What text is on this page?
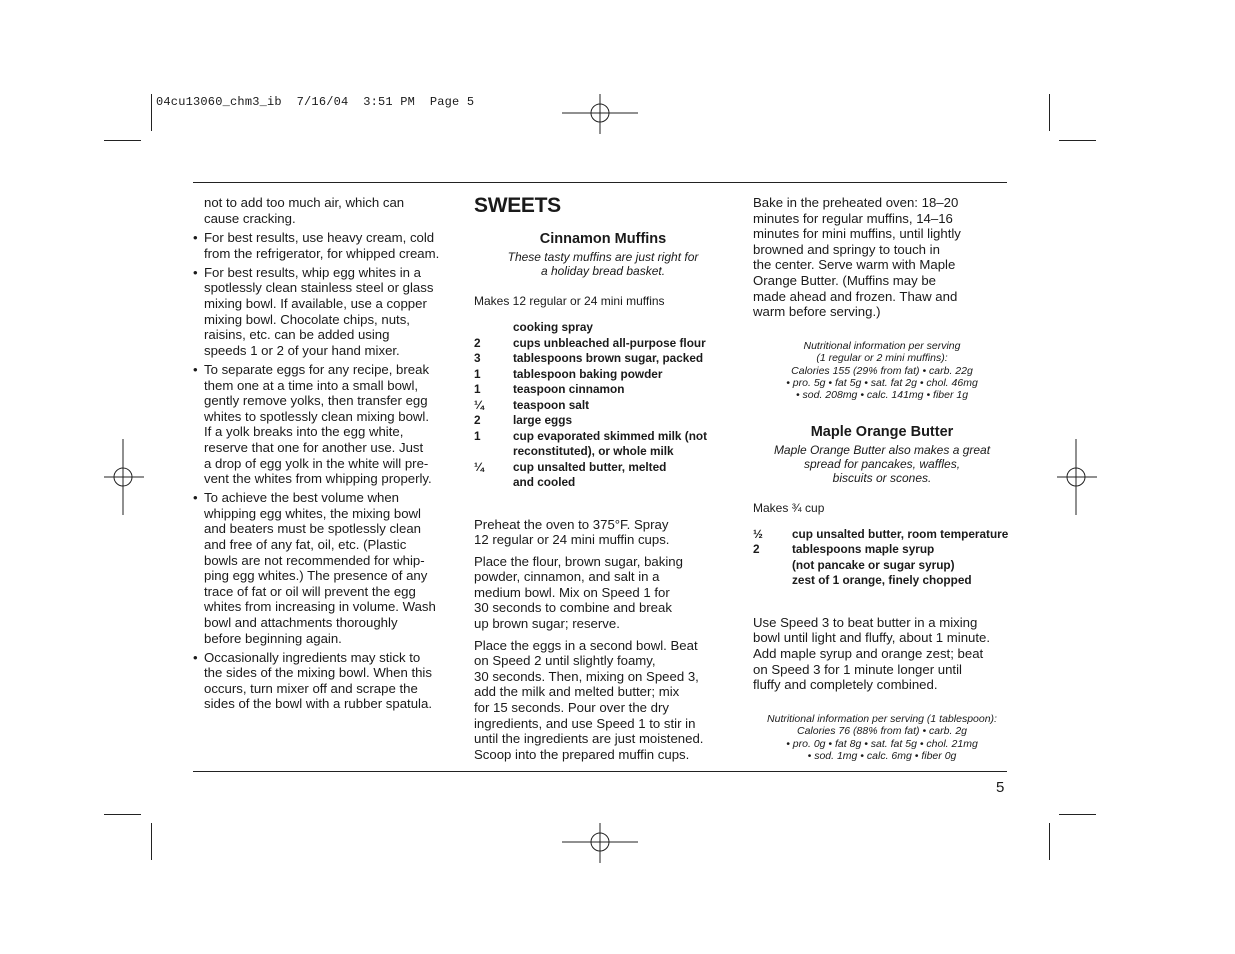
04cu13060_chm3_ib  7/16/04  3:51 PM  Page 5
not to add too much air, which can
cause cracking.
• For best results, use heavy cream, cold
from the refrigerator, for whipped cream.
• For best results, whip egg whites in a
spotlessly clean stainless steel or glass
mixing bowl. If available, use a copper
mixing bowl. Chocolate chips, nuts,
raisins, etc. can be added using
speeds 1 or 2 of your hand mixer.
• To separate eggs for any recipe, break
them one at a time into a small bowl,
gently remove yolks, then transfer egg
whites to spotlessly clean mixing bowl.
If a yolk breaks into the egg white,
reserve that one for another use. Just
a drop of egg yolk in the white will pre-
vent the whites from whipping properly.
• To achieve the best volume when
whipping egg whites, the mixing bowl
and beaters must be spotlessly clean
and free of any fat, oil, etc. (Plastic
bowls are not recommended for whip-
ping egg whites.) The presence of any
trace of fat or oil will prevent the egg
whites from increasing in volume. Wash
bowl and attachments thoroughly
before beginning again.
• Occasionally ingredients may stick to
the sides of the mixing bowl. When this
occurs, turn mixer off and scrape the
sides of the bowl with a rubber spatula.
SWEETS
Cinnamon Muffins
These tasty muffins are just right for
a holiday bread basket.
Makes 12 regular or 24 mini muffins
	cooking spray
2	cups unbleached all-purpose flour
3	tablespoons brown sugar, packed
1	tablespoon baking powder
1	teaspoon cinnamon
¼	teaspoon salt
2	large eggs
1	cup evaporated skimmed milk (not
	reconstituted), or whole milk
¼	cup unsalted butter, melted
	and cooled

Preheat the oven to 375°F. Spray
12 regular or 24 mini muffin cups.

Place the flour, brown sugar, baking
powder, cinnamon, and salt in a
medium bowl. Mix on Speed 1 for
30 seconds to combine and break
up brown sugar; reserve.

Place the eggs in a second bowl. Beat
on Speed 2 until slightly foamy,
30 seconds. Then, mixing on Speed 3,
add the milk and melted butter; mix
for 15 seconds. Pour over the dry
ingredients, and use Speed 1 to stir in
until the ingredients are just moistened.
Scoop into the prepared muffin cups.

Bake in the preheated oven: 18–20
minutes for regular muffins, 14–16
minutes for mini muffins, until lightly
browned and springy to touch in
the center. Serve warm with Maple
Orange Butter. (Muffins may be
made ahead and frozen. Thaw and
warm before serving.)

Nutritional information per serving
(1 regular or 2 mini muffins):
Calories 155 (29% from fat) • carb. 22g
• pro. 5g • fat 5g • sat. fat 2g • chol. 46mg
• sod. 208mg • calc. 141mg • fiber 1g
Maple Orange Butter
Maple Orange Butter also makes a great
spread for pancakes, waffles,
biscuits or scones.
Makes ¾ cup
½	cup unsalted butter, room temperature
2	tablespoons maple syrup
	(not pancake or sugar syrup)
	zest of 1 orange, finely chopped

Use Speed 3 to beat butter in a mixing
bowl until light and fluffy, about 1 minute.
Add maple syrup and orange zest; beat
on Speed 3 for 1 minute longer until
fluffy and completely combined.

Nutritional information per serving (1 tablespoon):
Calories 76 (88% from fat) • carb. 2g
• pro. 0g • fat 8g • sat. fat 5g • chol. 21mg
• sod. 1mg • calc. 6mg • fiber 0g
5
